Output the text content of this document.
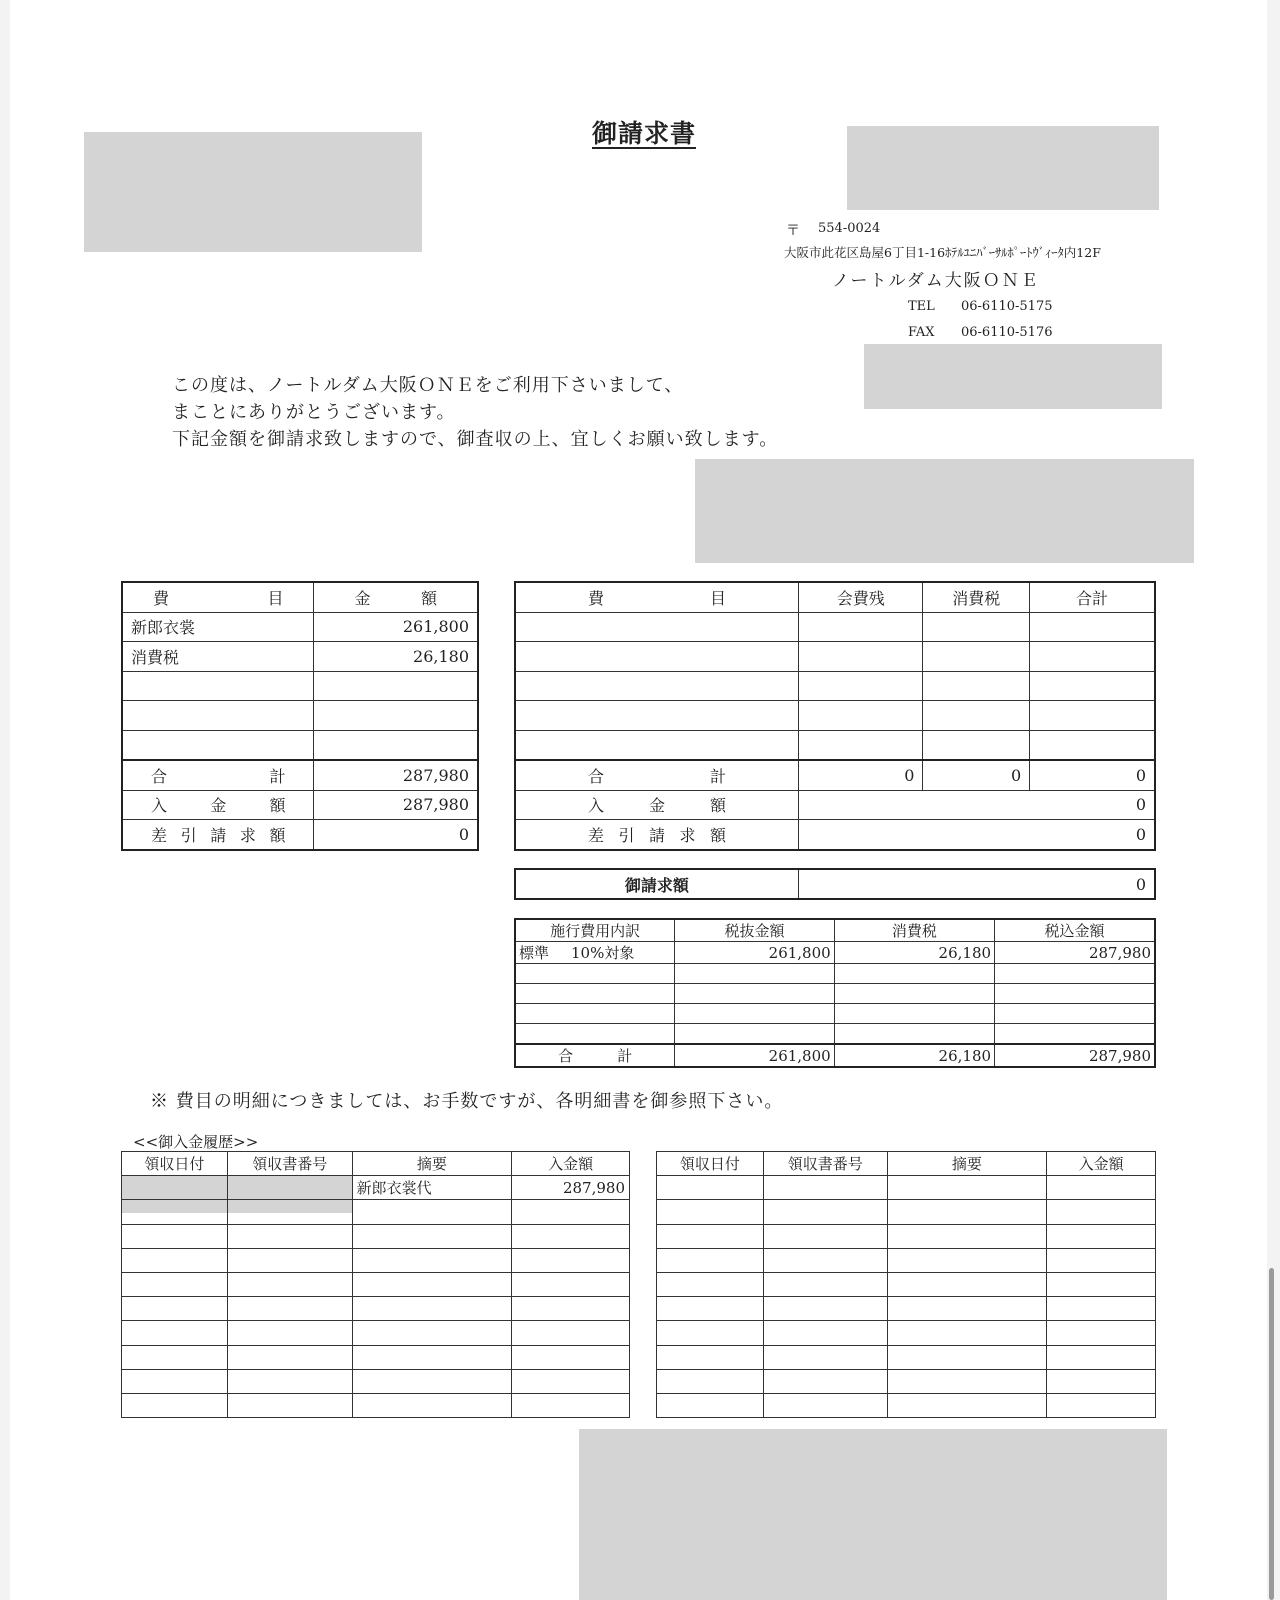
御請求書
〒 554-0024
大阪市此花区島屋6丁目1-16ﾎﾃﾙﾕﾆﾊﾞｰｻﾙﾎﾟｰﾄｳﾞｨｰﾀ内12F
ノートルダム大阪ＯＮＥ
TEL 06-6110-5175
FAX 06-6110-5176
この度は、ノートルダム大阪ＯＮＥをご利用下さいまして、
まことにありがとうございます。
下記金額を御請求致しますので、御査収の上、宜しくお願い致します。
費目	金額

新郎衣裳	261,800
消費税	26,180

合計	287,980

入金額	287,980

差引請求額	0
費目	会費残	消費税	合計

合計	0	0	0

入金額	0		

差引請求額	0		
御請求額	0
施行費用内訳	税抜金額	消費税	税込金額
標準 10%対象	261,800	26,180	287,980

合計	261,800	26,180	287,980
※ 費目の明細につきましては、お手数ですが、各明細書を御参照下さい。
<<御入金履歴>>
領収日付	領収書番号	摘要	入金額
		新郎衣裳代	287,980

領収日付	領収書番号	摘要	入金額
